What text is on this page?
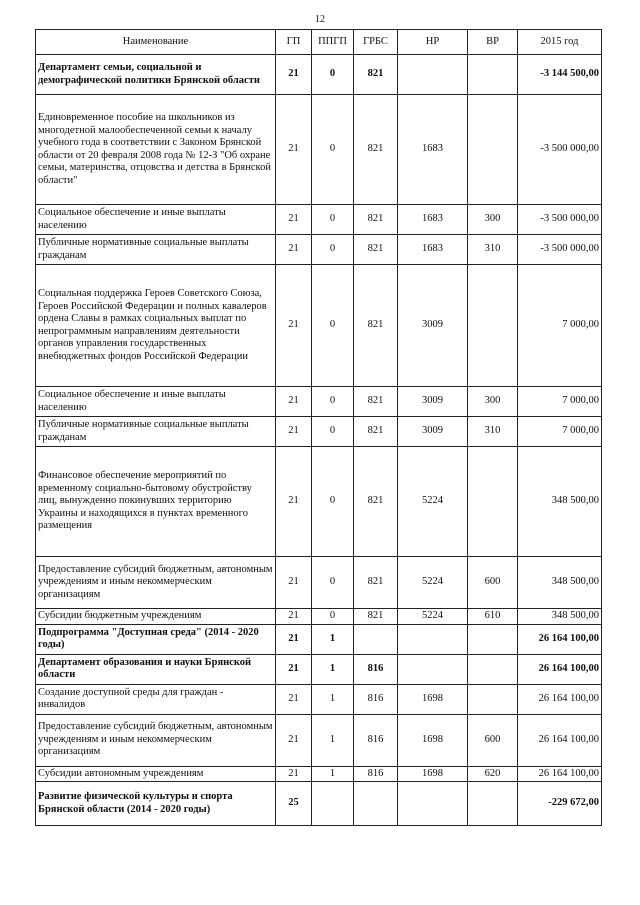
12
Наименование	ГП	ППГП	ГРБС	НР	ВР	2015 год
Департамент семьи, социальной и демографической политики Брянской области	21	0	821			-3 144 500,00
Единовременное пособие на школьников из многодетной малообеспеченной семьи к началу учебного года в соответствии с Законом Брянской области от 20 февраля 2008 года № 12-З "Об охране семьи, материнства, отцовства и детства в Брянской области"	21	0	821	1683		-3 500 000,00
Социальное обеспечение и иные выплаты населению	21	0	821	1683	300	-3 500 000,00
Публичные нормативные социальные выплаты гражданам	21	0	821	1683	310	-3 500 000,00
Социальная поддержка Героев Советского Союза, Героев Российской Федерации и полных кавалеров ордена Славы в рамках социальных выплат по непрограммным направлениям деятельности органов управления государственных внебюджетных фондов Российской Федерации	21	0	821	3009		7 000,00
Социальное обеспечение и иные выплаты населению	21	0	821	3009	300	7 000,00
Публичные нормативные социальные выплаты гражданам	21	0	821	3009	310	7 000,00
Финансовое обеспечение мероприятий по временному социально-бытовому обустройству лиц, вынужденно покинувших территорию Украины и находящихся в пунктах временного размещения	21	0	821	5224		348 500,00
Предоставление субсидий бюджетным, автономным учреждениям и иным некоммерческим организациям	21	0	821	5224	600	348 500,00
Субсидии бюджетным учреждениям	21	0	821	5224	610	348 500,00
Подпрограмма "Доступная среда" (2014 - 2020 годы)	21	1				26 164 100,00
Департамент образования и науки Брянской области	21	1	816			26 164 100,00
Создание доступной среды для граждан - инвалидов	21	1	816	1698		26 164 100,00
Предоставление субсидий бюджетным, автономным учреждениям и иным некоммерческим организациям	21	1	816	1698	600	26 164 100,00
Субсидии автономным учреждениям	21	1	816	1698	620	26 164 100,00
Развитие физической культуры и спорта Брянской области (2014 - 2020 годы)	25					-229 672,00
